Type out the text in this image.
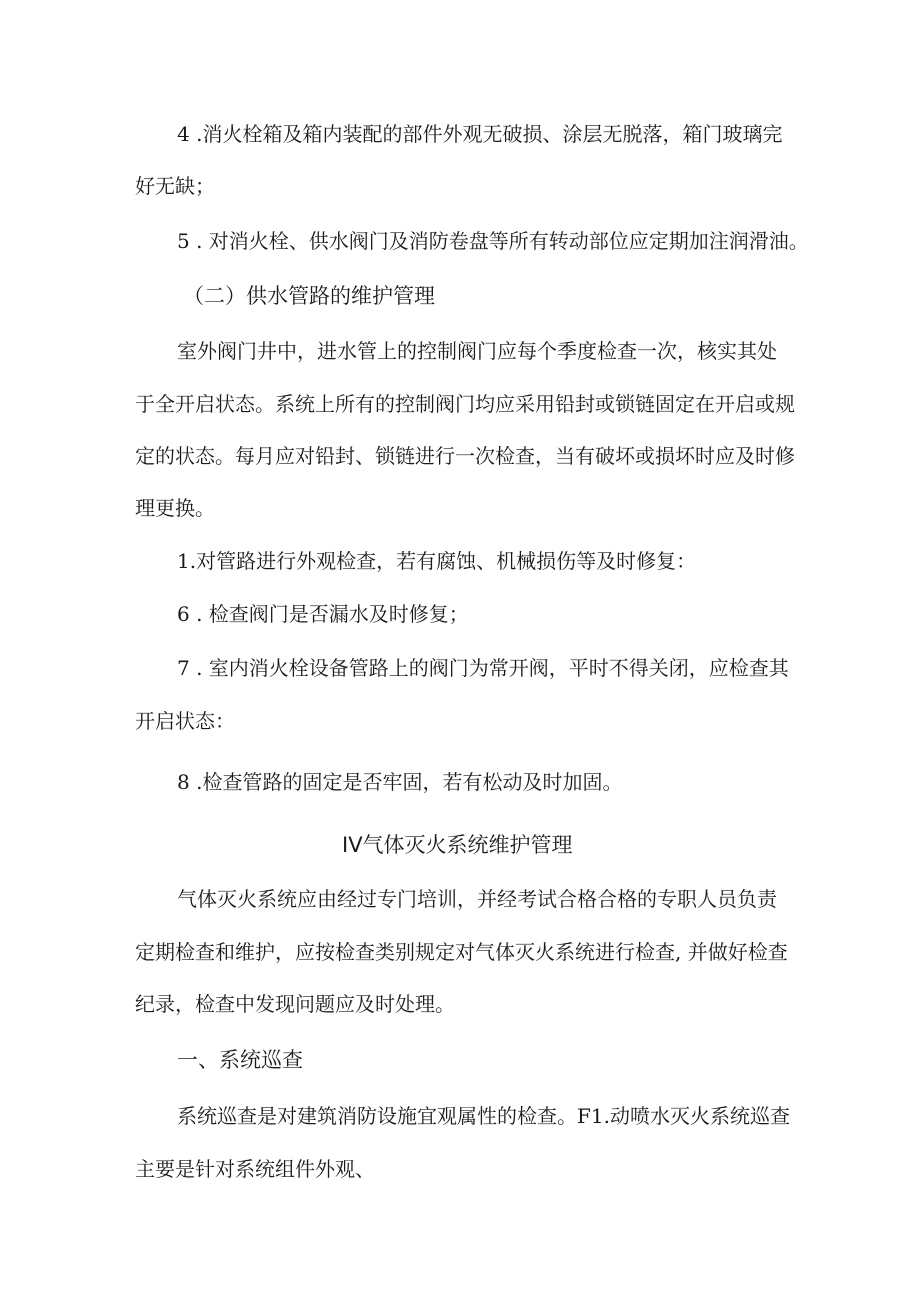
4 .消火栓箱及箱内装配的部件外观无破损、涂层无脱落，箱门玻璃完
好无缺；
5 . 对消火栓、供水阀门及消防卷盘等所有转动部位应定期加注润滑油。
（二）供水管路的维护管理
室外阀门井中，进水管上的控制阀门应每个季度检查一次，核实其处
于全开启状态。系统上所有的控制阀门均应采用铅封或锁链固定在开启或规
定的状态。每月应对铅封、锁链进行一次检查，当有破坏或损坏时应及时修
理更换。
1.对管路进行外观检查，若有腐蚀、机械损伤等及时修复：
6 . 检查阀门是否漏水及时修复；
7 . 室内消火栓设备管路上的阀门为常开阀，平时不得关闭，应检查其
开启状态：
8 .检查管路的固定是否牢固，若有松动及时加固。
IV气体灭火系统维护管理
气体灭火系统应由经过专门培训，并经考试合格合格的专职人员负责
定期检查和维护，应按检查类别规定对气体灭火系统进行检查, 并做好检查
纪录，检查中发现问题应及时处理。
一、系统巡查
系统巡查是对建筑消防设施宜观属性的检查。F1.动喷水灭火系统巡查
主要是针对系统组件外观、
